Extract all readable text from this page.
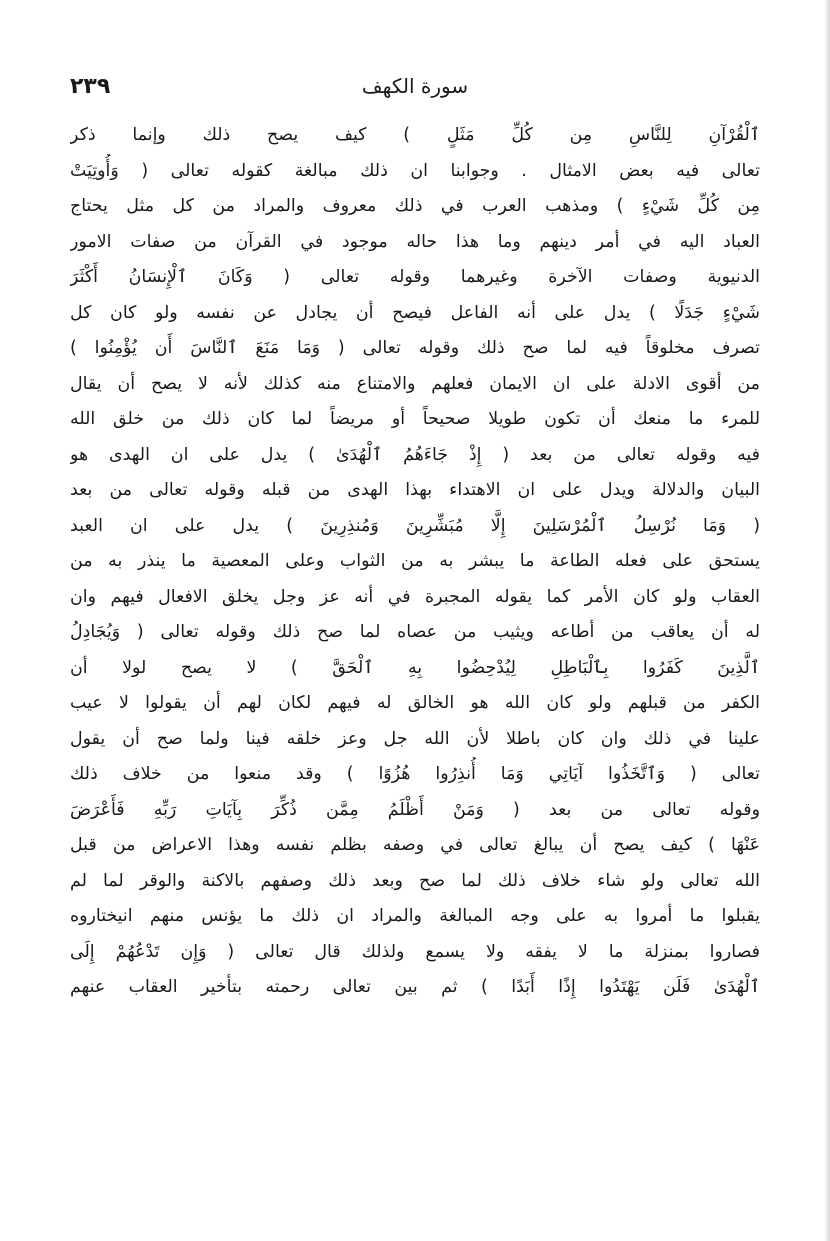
سورة الكهف
٢٣٩
ٱلْقُرْآنِ لِلنَّاسِ مِن كُلِّ مَثَلٍ ) كيف يصح ذلك وإنما ذكر
تعالى فيه بعض الامثال . وجوابنا ان ذلك مبالغة كقوله تعالى ( وَأُوتِيَتْ
مِن كُلِّ شَيْءٍ ) ومذهب العرب في ذلك معروف والمراد من كل مثل يحتاج
العباد اليه في أمر دينهم وما هذا حاله موجود في القرآن من صفات الامور
الدنيوية وصفات الآخرة وغيرهما وقوله تعالى ( وَكَانَ ٱلْإِنسَانُ أَكْثَرَ
شَيْءٍ جَدَلًا ) يدل على أنه الفاعل فيصح أن يجادل عن نفسه ولو كان كل
تصرف مخلوقاً فيه لما صح ذلك وقوله تعالى ( وَمَا مَنَعَ ٱلنَّاسَ أَن يُؤْمِنُوا )
من أقوى الادلة على ان الايمان فعلهم والامتناع منه كذلك لأنه لا يصح أن يقال
للمرء ما منعك أن تكون طويلا صحيحاً أو مريضاً لما كان ذلك من خلق الله
فيه وقوله تعالى من بعد ( إِذْ جَاءَهُمُ ٱلْهُدَىٰ ) يدل على ان الهدى هو
البيان والدلالة ويدل على ان الاهتداء بهذا الهدى من قبله وقوله تعالى من بعد
( وَمَا نُرْسِلُ ٱلْمُرْسَلِينَ إِلَّا مُبَشِّرِينَ وَمُنذِرِينَ ) يدل على ان العبد
يستحق على فعله الطاعة ما يبشر به من الثواب وعلى المعصية ما ينذر به من
العقاب ولو كان الأمر كما يقوله المجبرة في أنه عز وجل يخلق الافعال فيهم وان
له أن يعاقب من أطاعه ويثيب من عصاه لما صح ذلك وقوله تعالى ( وَيُجَادِلُ
ٱلَّذِينَ كَفَرُوا بِٱلْبَاطِلِ لِيُدْحِضُوا بِهِ ٱلْحَقَّ ) لا يصح لولا أن
الكفر من قبلهم ولو كان الله هو الخالق له فيهم لكان لهم أن يقولوا لا عيب
علينا في ذلك وان كان باطلا لأن الله جل وعز خلقه فينا ولما صح أن يقول
تعالى ( وَٱتَّخَذُوا آيَاتِي وَمَا أُنذِرُوا هُزُوًا ) وقد منعوا من خلاف ذلك
وقوله تعالى من بعد ( وَمَنْ أَظْلَمُ مِمَّن ذُكِّرَ بِآيَاتِ رَبِّهِ فَأَعْرَضَ
عَنْهَا ) كيف يصح أن يبالغ تعالى في وصفه بظلم نفسه وهذا الاعراض من قبل
الله تعالى ولو شاء خلاف ذلك لما صح وبعد ذلك وصفهم بالاكنة والوقر لما لم
يقبلوا ما أمروا به على وجه المبالغة والمراد ان ذلك ما يؤنس منهم انيختاروه
فصاروا بمنزلة ما لا يفقه ولا يسمع ولذلك قال تعالى ( وَإِن تَدْعُهُمْ إِلَى
ٱلْهُدَىٰ فَلَن يَهْتَدُوا إِذًا أَبَدًا ) ثم بين تعالى رحمته بتأخير العقاب عنهم
